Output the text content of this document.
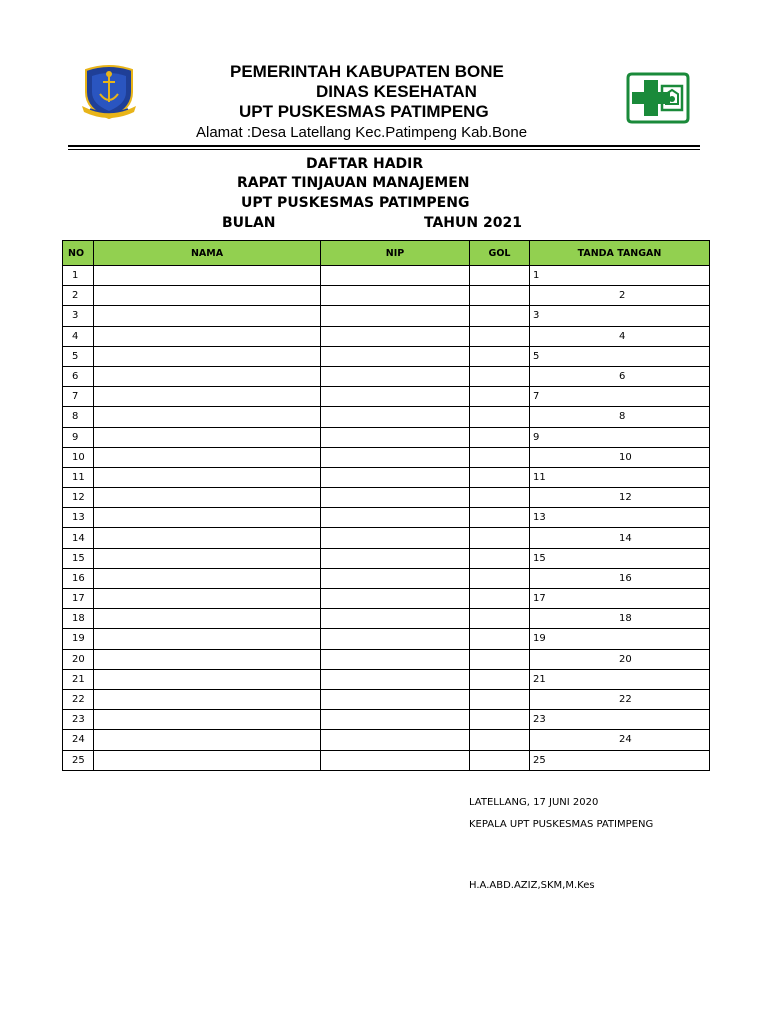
PEMERINTAH KABUPATEN BONE
DINAS KESEHATAN
UPT PUSKESMAS PATIMPENG
Alamat :Desa Latellang Kec.Patimpeng Kab.Bone
DAFTAR HADIR
RAPAT TINJAUAN MANAJEMEN
UPT PUSKESMAS PATIMPENG
BULAN	TAHUN 2021
NO	NAMA	NIP	GOL	TANDA TANGAN
1				1
2				2
3				3
4				4
5				5
6				6
7				7
8				8
9				9
10				10
11				11
12				12
13				13
14				14
15				15
16				16
17				17
18				18
19				19
20				20
21				21
22				22
23				23
24				24
25				25
LATELLANG, 17 JUNI 2020
KEPALA UPT PUSKESMAS PATIMPENG
H.A.ABD.AZIZ,SKM,M.Kes
